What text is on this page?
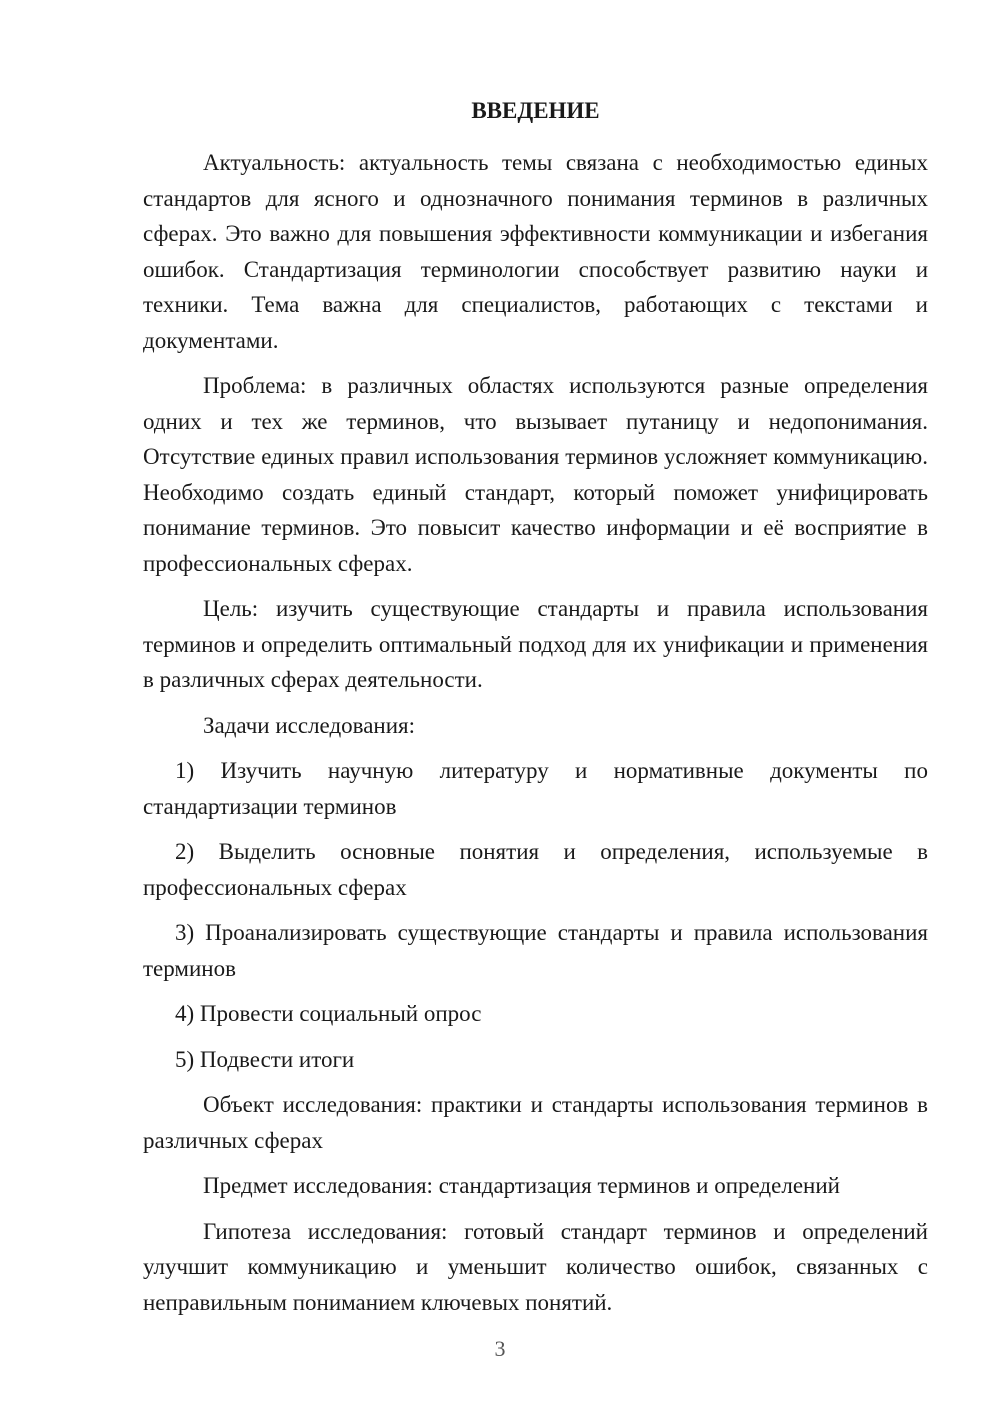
ВВЕДЕНИЕ

Актуальность: актуальность темы связана с необходимостью единых стандартов для ясного и однозначного понимания терминов в различных сферах. Это важно для повышения эффективности коммуникации и избегания ошибок. Стандартизация терминологии способствует развитию науки и техники. Тема важна для специалистов, работающих с текстами и документами.

Проблема: в различных областях используются разные определения одних и тех же терминов, что вызывает путаницу и недопонимания. Отсутствие единых правил использования терминов усложняет коммуникацию. Необходимо создать единый стандарт, который поможет унифицировать понимание терминов. Это повысит качество информации и её восприятие в профессиональных сферах.

Цель: изучить существующие стандарты и правила использования терминов и определить оптимальный подход для их унификации и применения в различных сферах деятельности.

Задачи исследования:

1) Изучить научную литературу и нормативные документы по стандартизации терминов

2) Выделить основные понятия и определения, используемые в профессиональных сферах

3) Проанализировать существующие стандарты и правила использования терминов

4) Провести социальный опрос

5) Подвести итоги

Объект исследования: практики и стандарты использования терминов в различных сферах

Предмет исследования: стандартизация терминов и определений

Гипотеза исследования: готовый стандарт терминов и определений улучшит коммуникацию и уменьшит количество ошибок, связанных с неправильным пониманием ключевых понятий.

3
